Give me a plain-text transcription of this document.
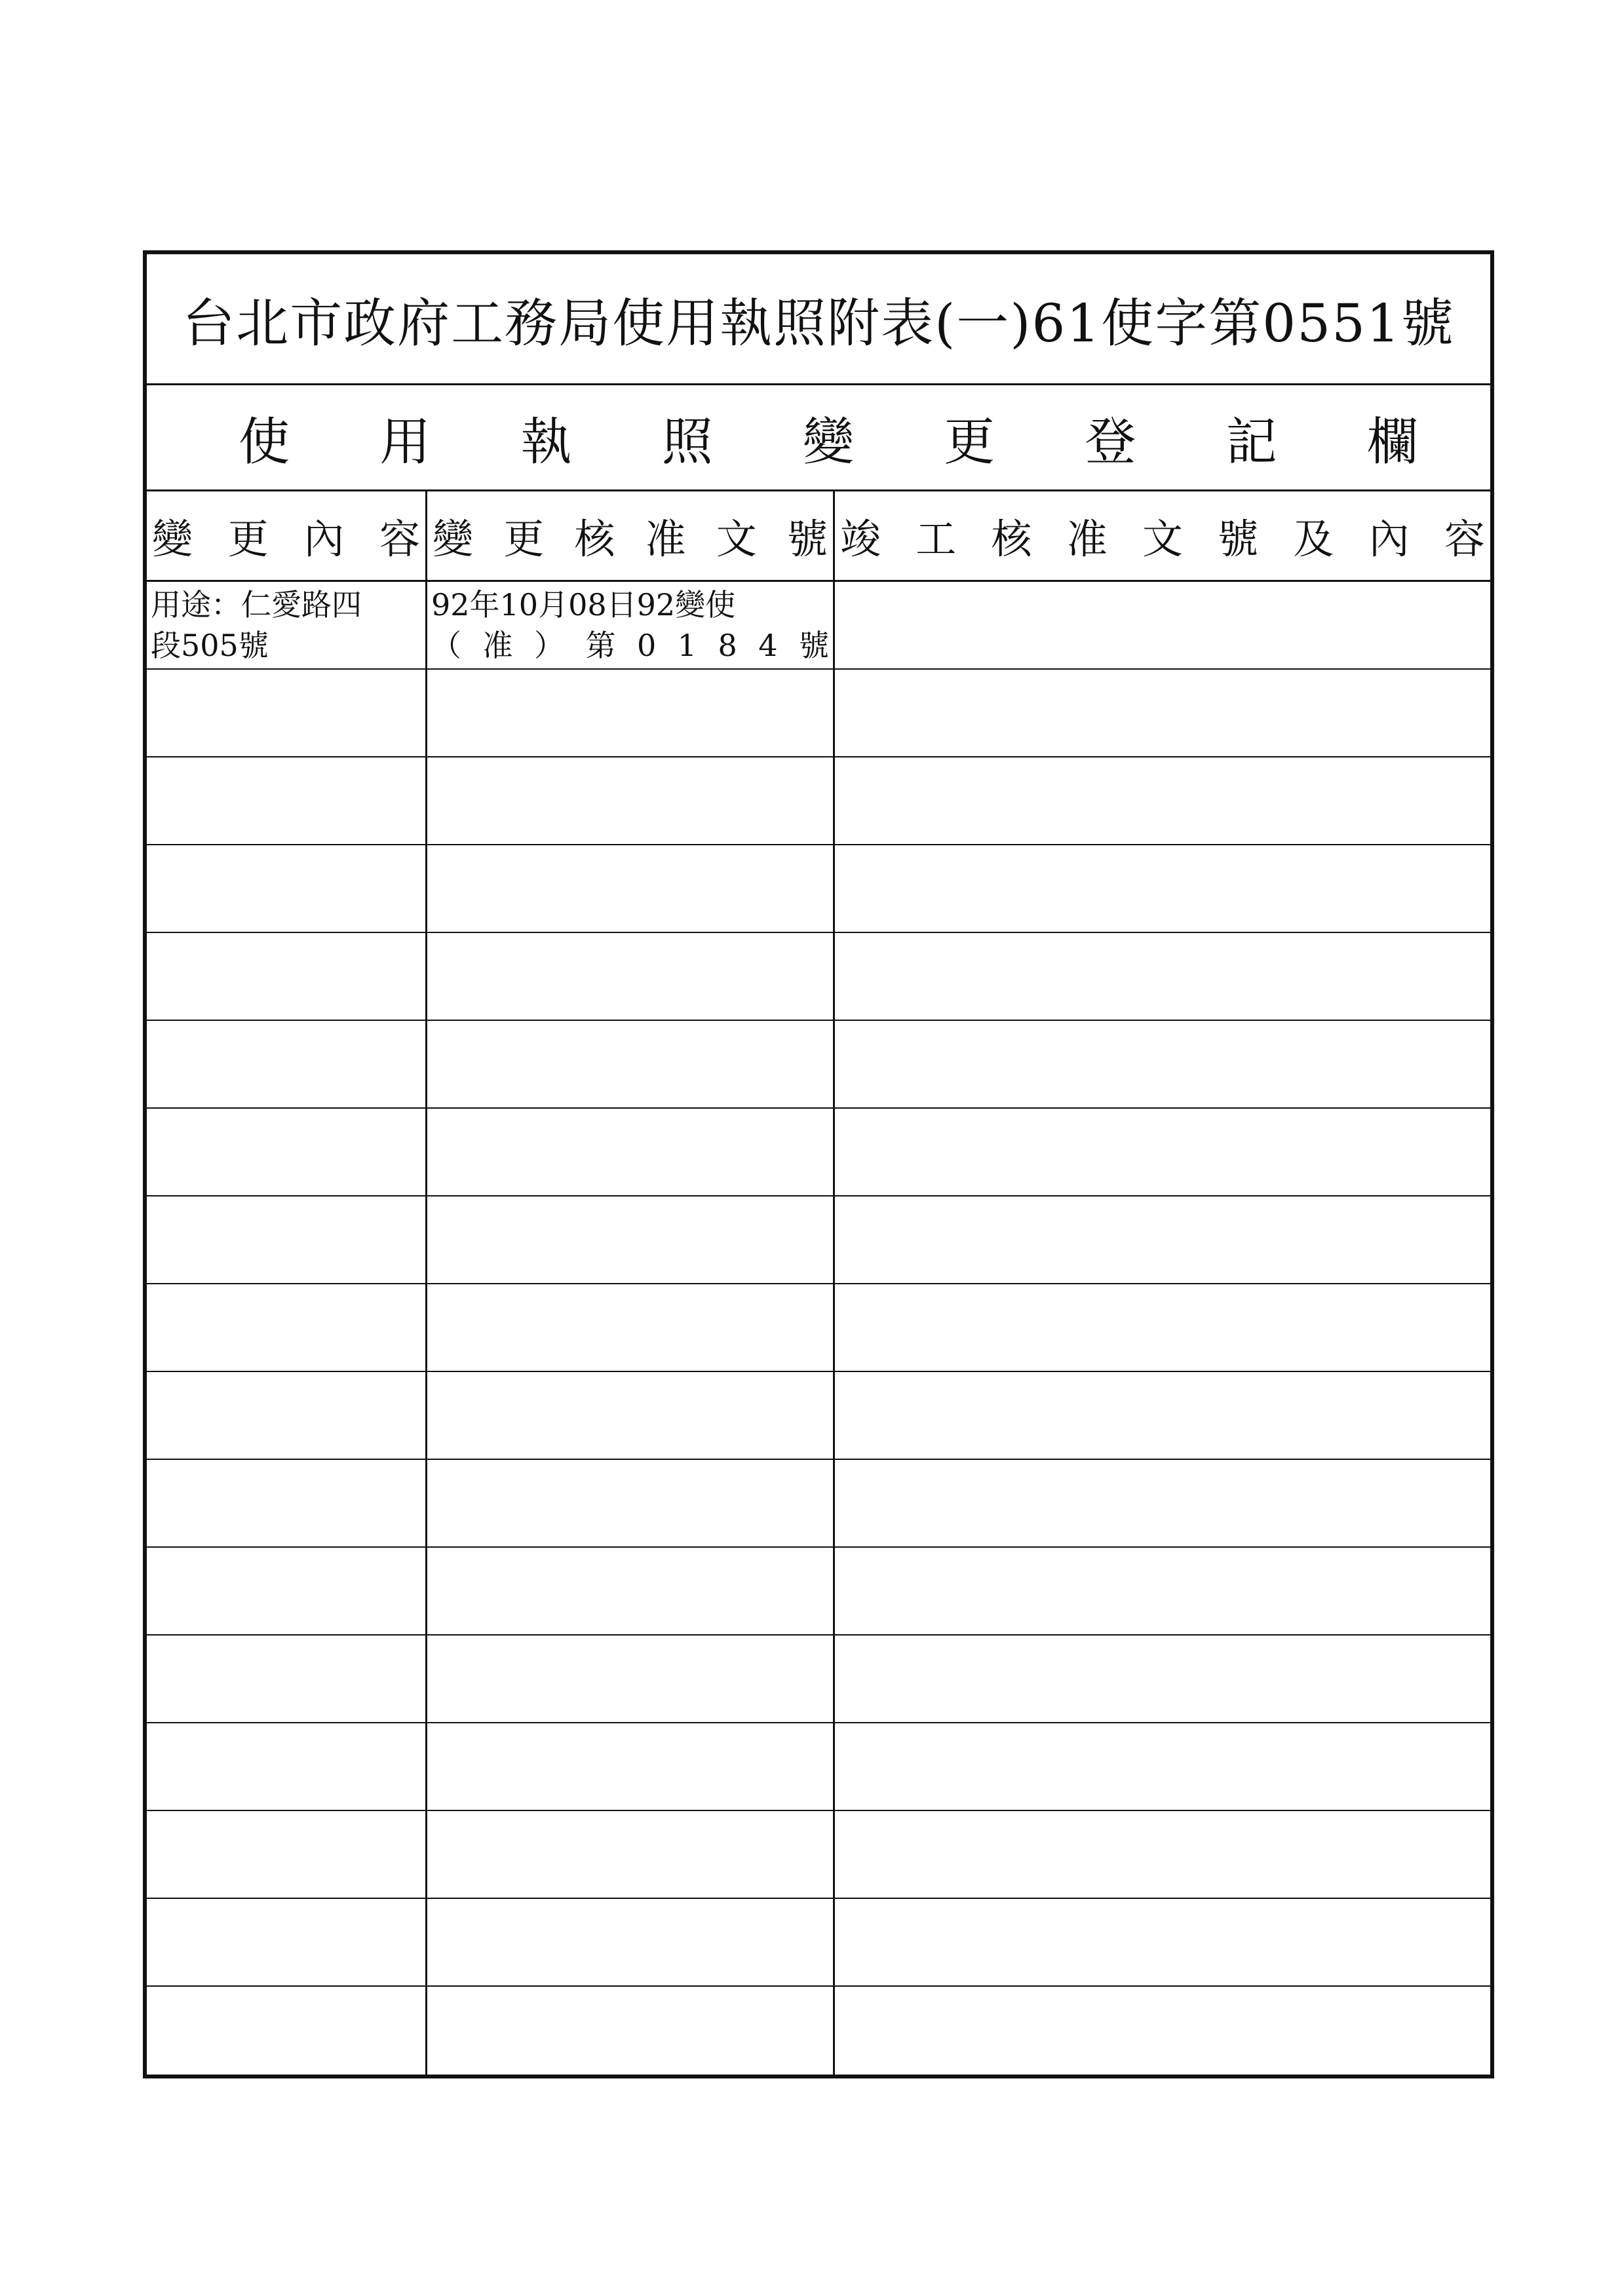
台北市政府工務局使用執照附表(一)61使字第0551號
使 用 執 照 變 更 登 記 欄
變 更 內 容 變 更 核 准 文 號 竣 工 核 准 文 號 及 內 容
用途：仁愛路四
段505號
92年10月08日92變使
（ 准 ） 第 0 1 8 4 號
